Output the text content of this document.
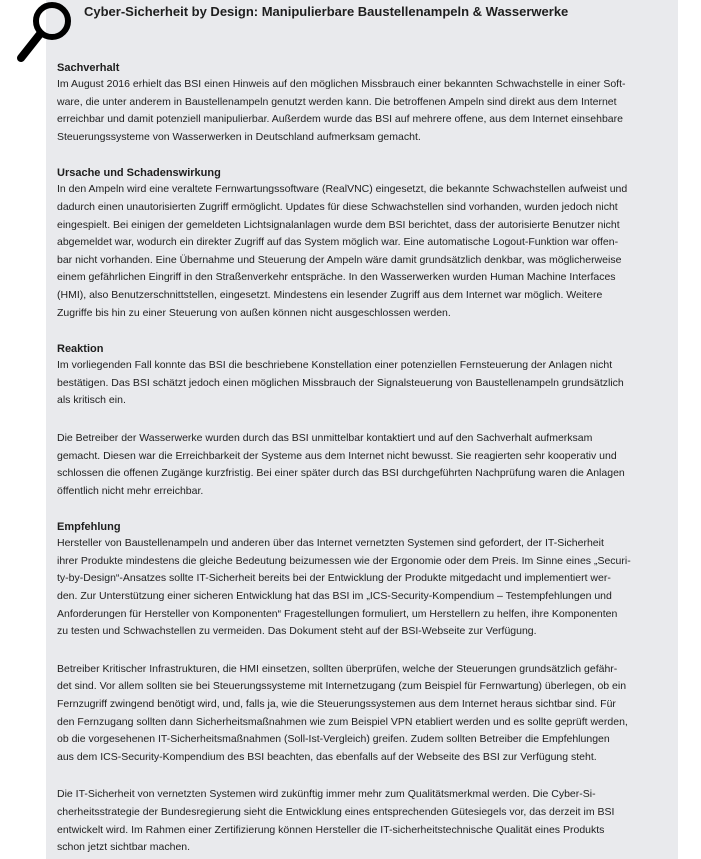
Cyber-Sicherheit by Design: Manipulierbare Baustellenampeln & Wasserwerke
Sachverhalt
Im August 2016 erhielt das BSI einen Hinweis auf den möglichen Missbrauch einer bekannten Schwachstelle in einer Soft-
ware, die unter anderem in Baustellenampeln genutzt werden kann. Die betroffenen Ampeln sind direkt aus dem Internet
erreichbar und damit potenziell manipulierbar. Außerdem wurde das BSI auf mehrere offene, aus dem Internet einsehbare
Steuerungssysteme von Wasserwerken in Deutschland aufmerksam gemacht.
Ursache und Schadenswirkung
In den Ampeln wird eine veraltete Fernwartungssoftware (RealVNC) eingesetzt, die bekannte Schwachstellen aufweist und
dadurch einen unautorisierten Zugriff ermöglicht. Updates für diese Schwachstellen sind vorhanden, wurden jedoch nicht
eingespielt. Bei einigen der gemeldeten Lichtsignalanlagen wurde dem BSI berichtet, dass der autorisierte Benutzer nicht
abgemeldet war, wodurch ein direkter Zugriff auf das System möglich war. Eine automatische Logout-Funktion war offen-
bar nicht vorhanden. Eine Übernahme und Steuerung der Ampeln wäre damit grundsätzlich denkbar, was möglicherweise
einem gefährlichen Eingriff in den Straßenverkehr entspräche. In den Wasserwerken wurden Human Machine Interfaces
(HMI), also Benutzerschnittstellen, eingesetzt. Mindestens ein lesender Zugriff aus dem Internet war möglich. Weitere
Zugriffe bis hin zu einer Steuerung von außen können nicht ausgeschlossen werden.
Reaktion
Im vorliegenden Fall konnte das BSI die beschriebene Konstellation einer potenziellen Fernsteuerung der Anlagen nicht
bestätigen. Das BSI schätzt jedoch einen möglichen Missbrauch der Signalsteuerung von Baustellenampeln grundsätzlich
als kritisch ein.
Die Betreiber der Wasserwerke wurden durch das BSI unmittelbar kontaktiert und auf den Sachverhalt aufmerksam
gemacht. Diesen war die Erreichbarkeit der Systeme aus dem Internet nicht bewusst. Sie reagierten sehr kooperativ und
schlossen die offenen Zugänge kurzfristig. Bei einer später durch das BSI durchgeführten Nachprüfung waren die Anlagen
öffentlich nicht mehr erreichbar.
Empfehlung
Hersteller von Baustellenampeln und anderen über das Internet vernetzten Systemen sind gefordert, der IT-Sicherheit
ihrer Produkte mindestens die gleiche Bedeutung beizumessen wie der Ergonomie oder dem Preis. Im Sinne eines „Securi-
ty-by-Design“-Ansatzes sollte IT-Sicherheit bereits bei der Entwicklung der Produkte mitgedacht und implementiert wer-
den. Zur Unterstützung einer sicheren Entwicklung hat das BSI im „ICS-Security-Kompendium – Testempfehlungen und
Anforderungen für Hersteller von Komponenten“ Fragestellungen formuliert, um Herstellern zu helfen, ihre Komponenten
zu testen und Schwachstellen zu vermeiden. Das Dokument steht auf der BSI-Webseite zur Verfügung.
Betreiber Kritischer Infrastrukturen, die HMI einsetzen, sollten überprüfen, welche der Steuerungen grundsätzlich gefähr-
det sind. Vor allem sollten sie bei Steuerungssysteme mit Internetzugang (zum Beispiel für Fernwartung) überlegen, ob ein
Fernzugriff zwingend benötigt wird, und, falls ja, wie die Steuerungssystemen aus dem Internet heraus sichtbar sind. Für
den Fernzugang sollten dann Sicherheitsmaßnahmen wie zum Beispiel VPN etabliert werden und es sollte geprüft werden,
ob die vorgesehenen IT-Sicherheitsmaßnahmen (Soll-Ist-Vergleich) greifen. Zudem sollten Betreiber die Empfehlungen
aus dem ICS-Security-Kompendium des BSI beachten, das ebenfalls auf der Webseite des BSI zur Verfügung steht.
Die IT-Sicherheit von vernetzten Systemen wird zukünftig immer mehr zum Qualitätsmerkmal werden. Die Cyber-Si-
cherheitsstrategie der Bundesregierung sieht die Entwicklung eines entsprechenden Gütesiegels vor, das derzeit im BSI
entwickelt wird. Im Rahmen einer Zertifizierung können Hersteller die IT-sicherheitstechnische Qualität eines Produkts
schon jetzt sichtbar machen.
